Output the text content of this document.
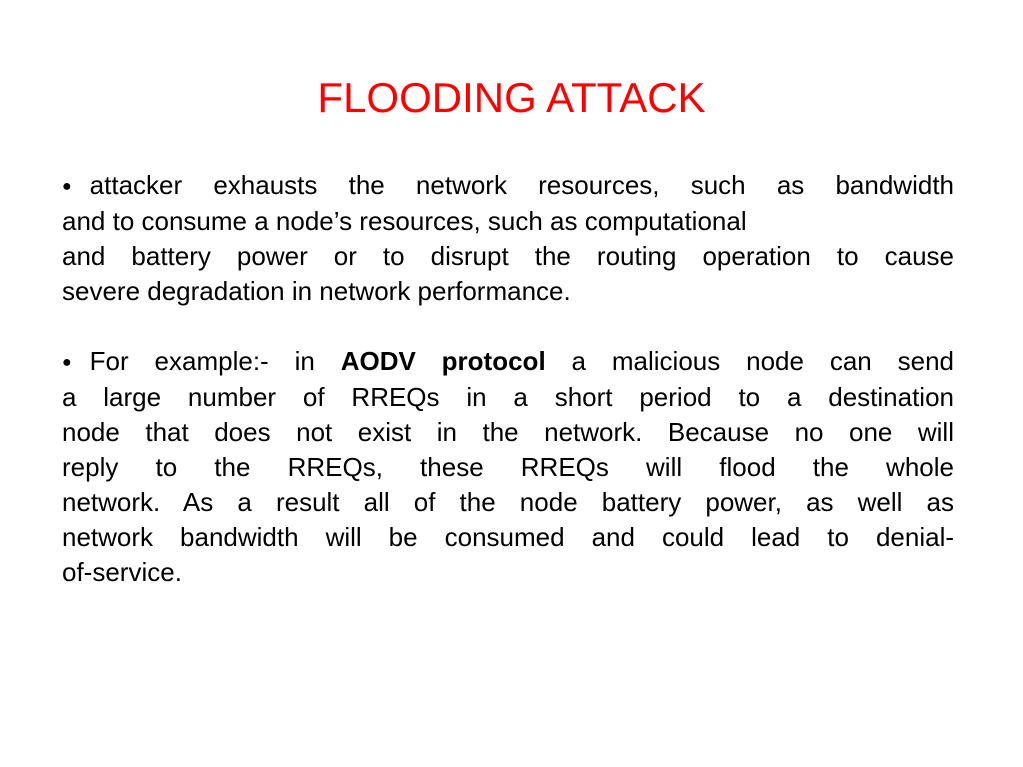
FLOODING ATTACK

● attacker exhausts the network resources, such as bandwidth
and to consume a node’s resources, such as computational
and battery power or to disrupt the routing operation to cause
severe degradation in network performance.

● For example:- in AODV protocol a malicious node can send
a large number of RREQs in a short period to a destination
node that does not exist in the network. Because no one will
reply to the RREQs, these RREQs will flood the whole
network. As a result all of the node battery power, as well as
network bandwidth will be consumed and could lead to denial-
of-service.
